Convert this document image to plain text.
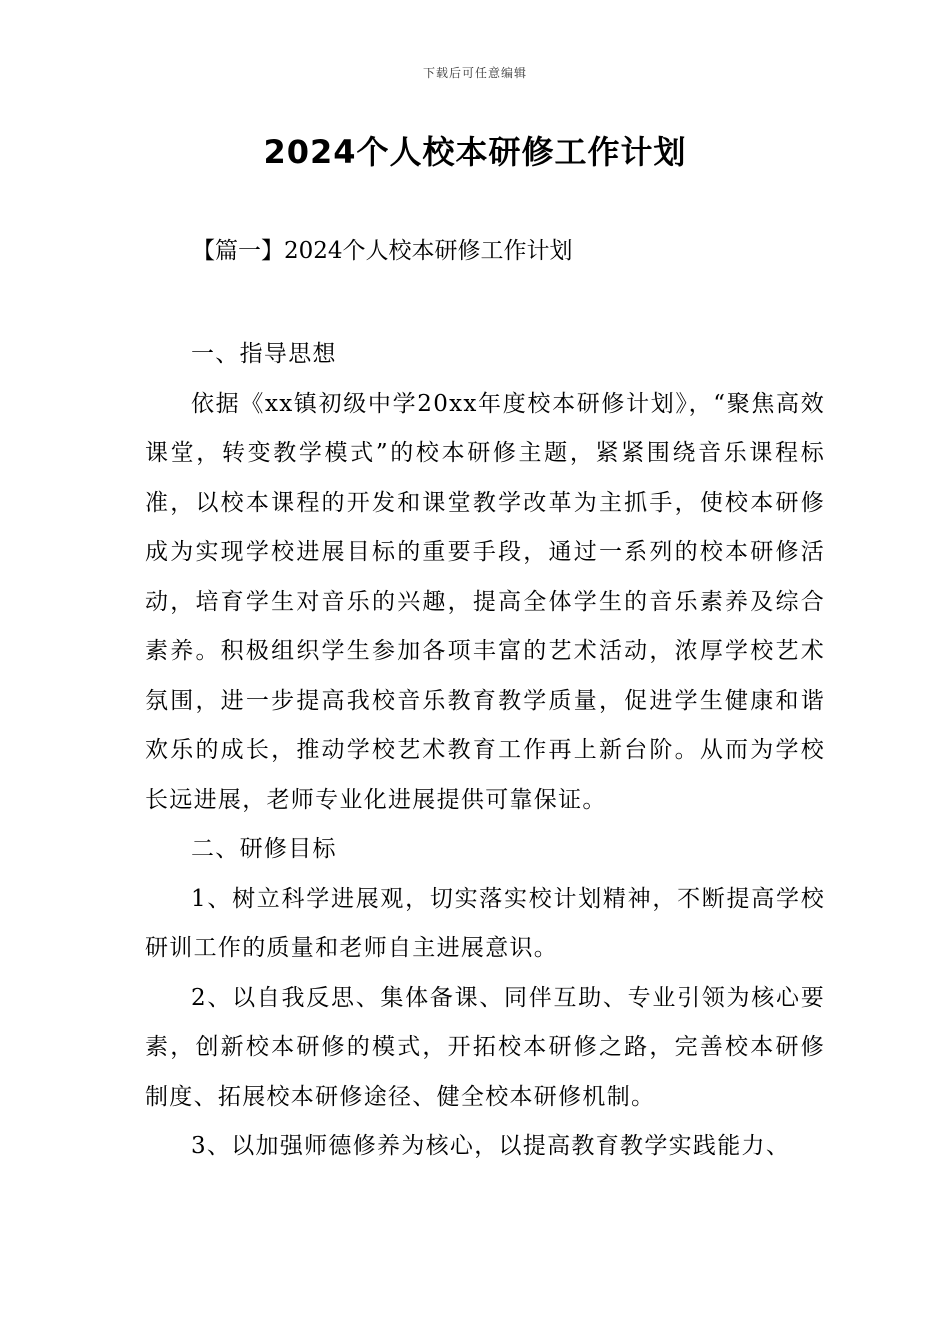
下载后可任意编辑
2024个人校本研修工作计划
【篇一】2024个人校本研修工作计划

一、指导思想

依据《xx镇初级中学20xx年度校本研修计划》，“聚焦高效课堂，转变教学模式”的校本研修主题，紧紧围绕音乐课程标准，以校本课程的开发和课堂教学改革为主抓手，使校本研修成为实现学校进展目标的重要手段，通过一系列的校本研修活动，培育学生对音乐的兴趣，提高全体学生的音乐素养及综合素养。积极组织学生参加各项丰富的艺术活动，浓厚学校艺术氛围，进一步提高我校音乐教育教学质量，促进学生健康和谐欢乐的成长，推动学校艺术教育工作再上新台阶。从而为学校长远进展，老师专业化进展提供可靠保证。

二、研修目标

1、树立科学进展观，切实落实校计划精神，不断提高学校研训工作的质量和老师自主进展意识。

2、以自我反思、集体备课、同伴互助、专业引领为核心要素，创新校本研修的模式，开拓校本研修之路，完善校本研修制度、拓展校本研修途径、健全校本研修机制。

3、以加强师德修养为核心，以提高教育教学实践能力、
